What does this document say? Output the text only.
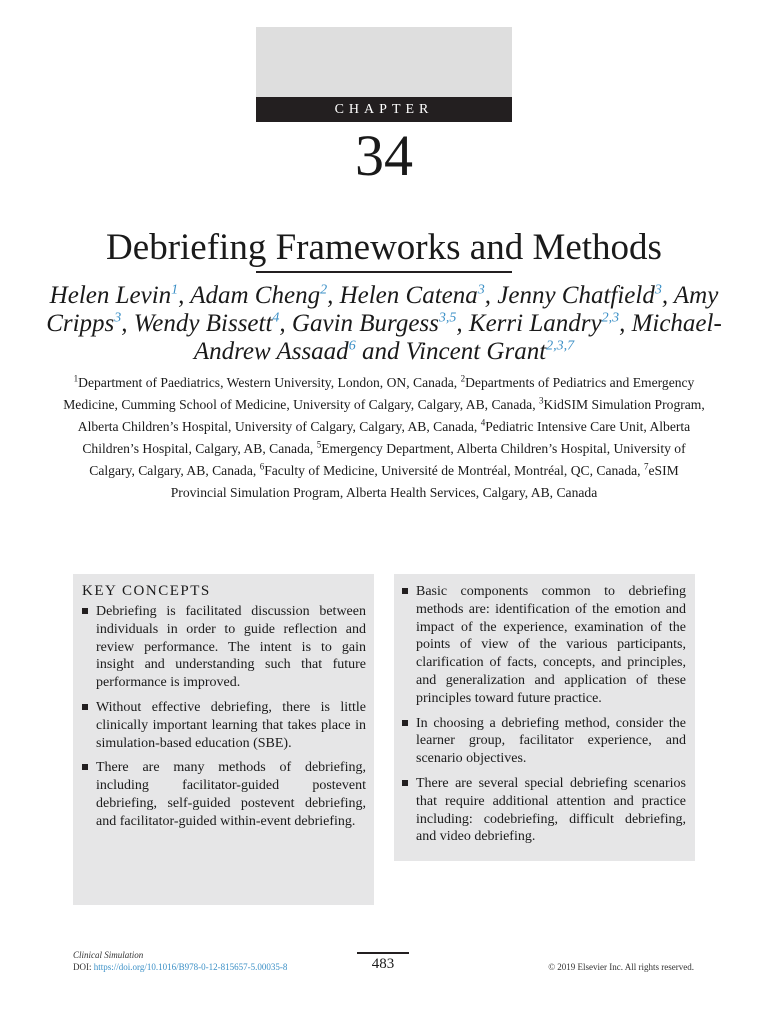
CHAPTER
34
Debriefing Frameworks and Methods
Helen Levin$^1$, Adam Cheng$^2$, Helen Catena$^3$, Jenny Chatfield$^3$, Amy Cripps$^3$, Wendy Bissett$^4$, Gavin Burgess$^{3,5}$, Kerri Landry$^{2,3}$, Michael-Andrew Assaad$^6$ and Vincent Grant$^{2,3,7}$
$^1$Department of Paediatrics, Western University, London, ON, Canada, $^2$Departments of Pediatrics and Emergency Medicine, Cumming School of Medicine, University of Calgary, Calgary, AB, Canada, $^3$KidSIM Simulation Program, Alberta Children’s Hospital, University of Calgary, Calgary, AB, Canada, $^4$Pediatric Intensive Care Unit, Alberta Children’s Hospital, Calgary, AB, Canada, $^5$Emergency Department, Alberta Children’s Hospital, University of Calgary, Calgary, AB, Canada, $^6$Faculty of Medicine, Université de Montréal, Montréal, QC, Canada, $^7$eSIM Provincial Simulation Program, Alberta Health Services, Calgary, AB, Canada
KEY CONCEPTS
Debriefing is facilitated discussion between individuals in order to guide reflection and review performance. The intent is to gain insight and understanding such that future performance is improved.
Without effective debriefing, there is little clinically important learning that takes place in simulation-based education (SBE).
There are many methods of debriefing, including facilitator-guided postevent debriefing, self-guided postevent debriefing, and facilitator-guided within-event debriefing.
Basic components common to debriefing methods are: identification of the emotion and impact of the experience, examination of the points of view of the various participants, clarification of facts, concepts, and principles, and generalization and application of these principles toward future practice.
In choosing a debriefing method, consider the learner group, facilitator experience, and scenario objectives.
There are several special debriefing scenarios that require additional attention and practice including: codebriefing, difficult debriefing, and video debriefing.
Clinical Simulation
DOI: https://doi.org/10.1016/B978-0-12-815657-5.00035-8	483	© 2019 Elsevier Inc. All rights reserved.
